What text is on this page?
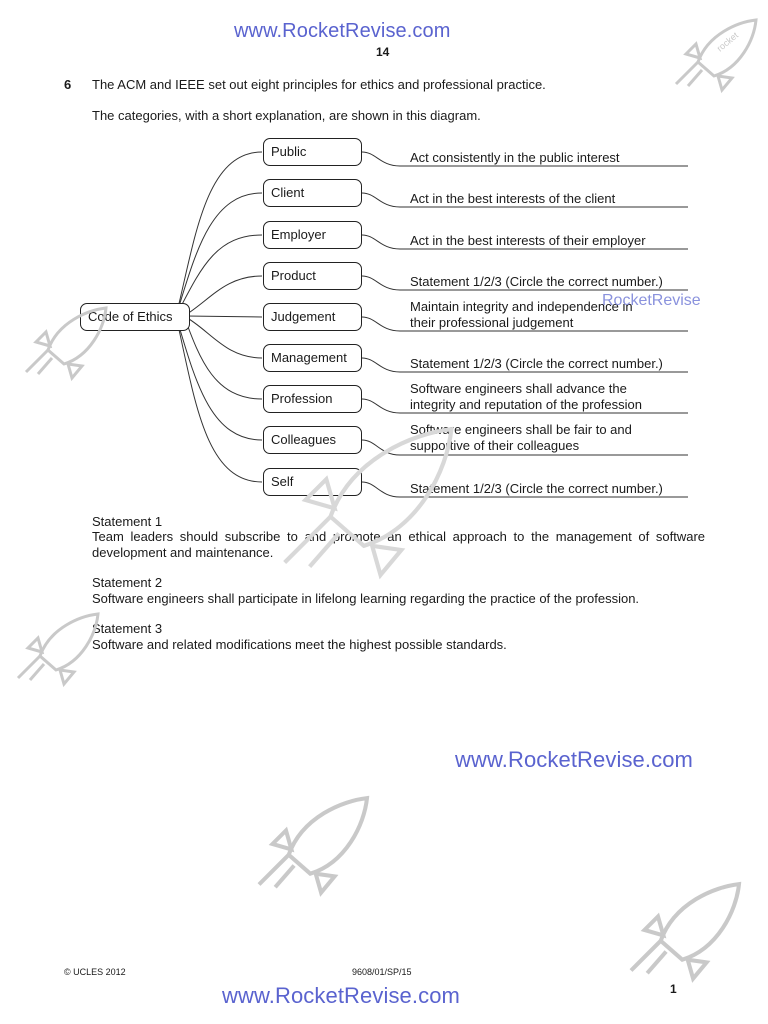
www.RocketRevise.com
14
6 The ACM and IEEE set out eight principles for ethics and professional practice.
The categories, with a short explanation, are shown in this diagram.
Code of Ethics
Public
Client
Employer
Product
Judgement
Management
Profession
Colleagues
Self
Act consistently in the public interest
Act in the best interests of the client
Act in the best interests of their employer
Statement 1/2/3 (Circle the correct number.)
Maintain integrity and independence in
their professional judgement
Statement 1/2/3 (Circle the correct number.)
Software engineers shall advance the
integrity and reputation of the profession
Software engineers shall be fair to and
supportive of their colleagues
Statement 1/2/3 (Circle the correct number.)
RocketRevise
Statement 1
Team leaders should subscribe to and promote an ethical approach to the management of software development and maintenance.
Statement 2
Software engineers shall participate in lifelong learning regarding the practice of the profession.
Statement 3
Software and related modifications meet the highest possible standards.
www.RocketRevise.com
rocket
© UCLES 2012	9608/01/SP/15
www.RocketRevise.com	1
